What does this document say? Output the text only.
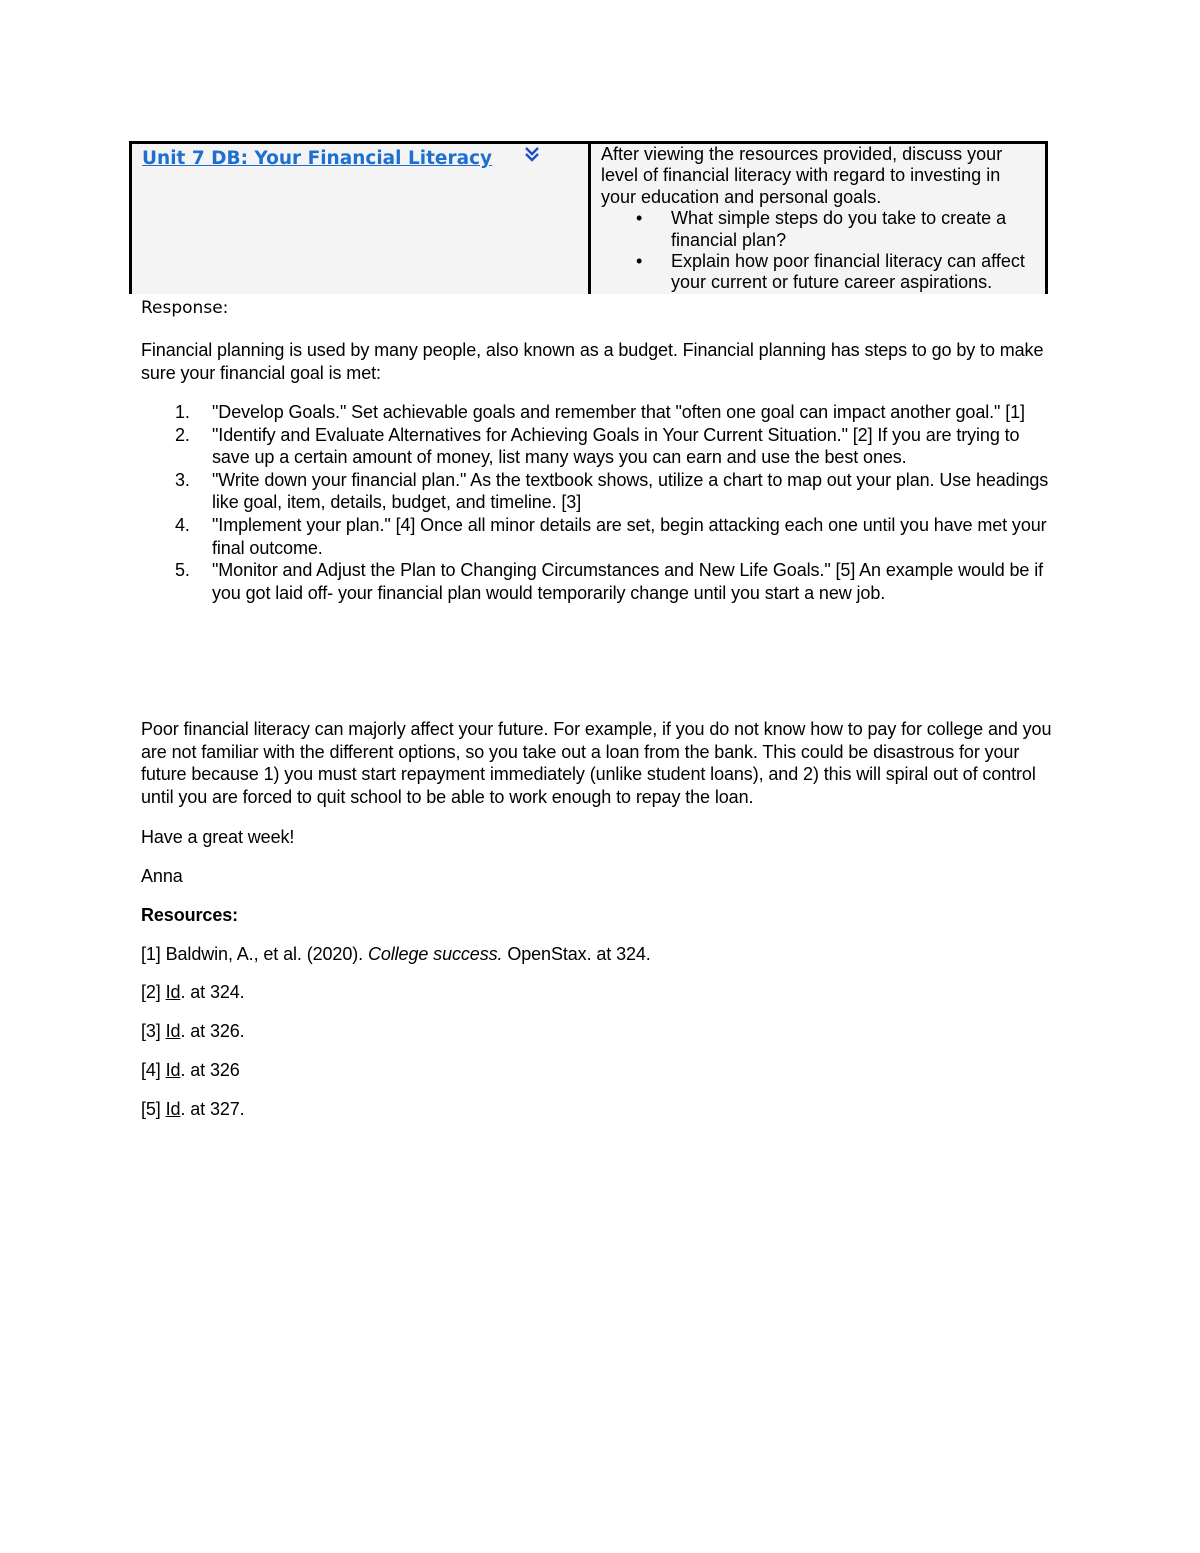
Unit 7 DB: Your Financial Literacy	After viewing the resources provided, discuss your level of financial literacy with regard to investing in your education and personal goals.
• What simple steps do you take to create a financial plan?
• Explain how poor financial literacy can affect your current or future career aspirations.
Response:
Financial planning is used by many people, also known as a budget. Financial planning has steps to go by to make sure your financial goal is met:
1. "Develop Goals." Set achievable goals and remember that "often one goal can impact another goal." [1]
2. "Identify and Evaluate Alternatives for Achieving Goals in Your Current Situation." [2] If you are trying to save up a certain amount of money, list many ways you can earn and use the best ones.
3. "Write down your financial plan." As the textbook shows, utilize a chart to map out your plan. Use headings like goal, item, details, budget, and timeline. [3]
4. "Implement your plan." [4] Once all minor details are set, begin attacking each one until you have met your final outcome.
5. "Monitor and Adjust the Plan to Changing Circumstances and New Life Goals." [5] An example would be if you got laid off- your financial plan would temporarily change until you start a new job.
Poor financial literacy can majorly affect your future. For example, if you do not know how to pay for college and you are not familiar with the different options, so you take out a loan from the bank. This could be disastrous for your future because 1) you must start repayment immediately (unlike student loans), and 2) this will spiral out of control until you are forced to quit school to be able to work enough to repay the loan.
Have a great week!
Anna
Resources:
[1] Baldwin, A., et al. (2020). College success. OpenStax. at 324.
[2] Id. at 324.
[3] Id. at 326.
[4] Id. at 326
[5] Id. at 327.
